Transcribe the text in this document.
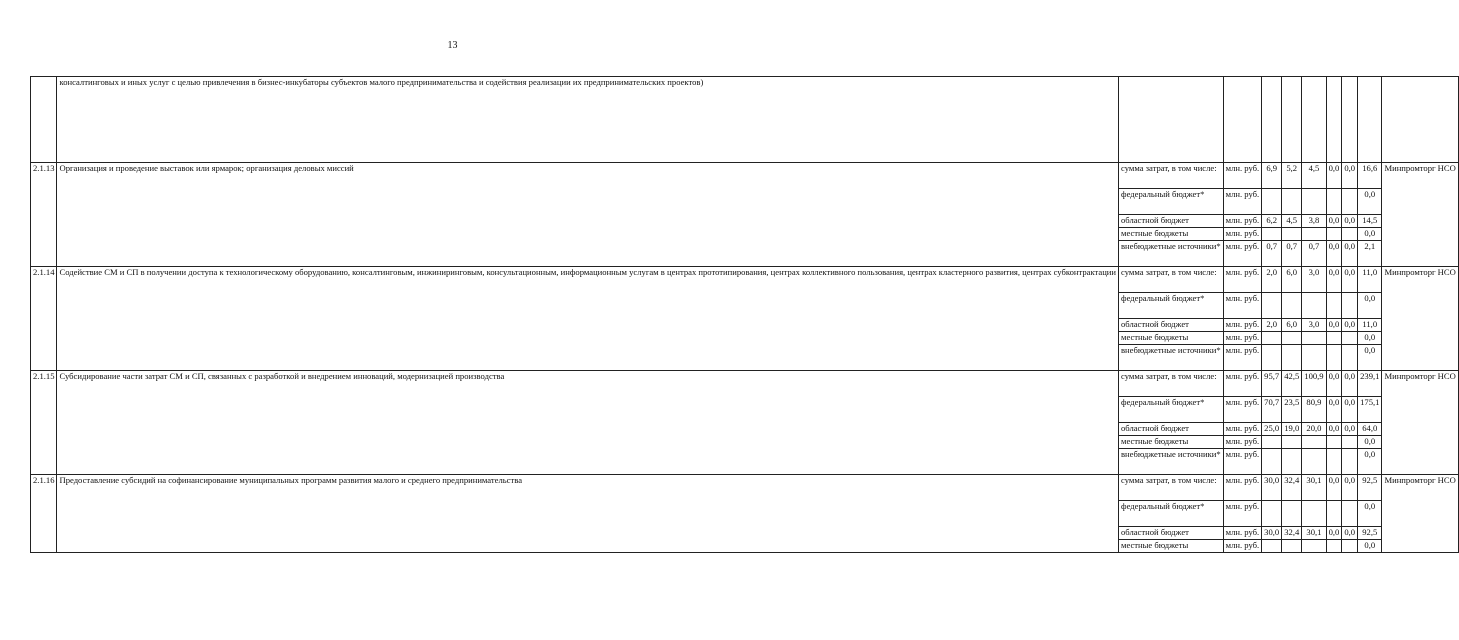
13
	консалтинговых и иных услуг с целью привлечения в бизнес-инкубаторы субъектов малого предпринимательства и содействия реализации их предпринимательских проектов)									
2.1.13	Организация и проведение выставок или ярмарок; организация деловых миссий	сумма затрат, в том числе:	млн. руб.	6,9	5,2	4,5	0,0	0,0	16,6	Минпромторг НСО
		федеральный бюджет*	млн. руб.						0,0	
		областной бюджет	млн. руб.	6,2	4,5	3,8	0,0	0,0	14,5	
		местные бюджеты	млн. руб.						0,0	
		внебюджетные источники*	млн. руб.	0,7	0,7	0,7	0,0	0,0	2,1	
2.1.14	Содействие СМ и СП в получении доступа к технологическому оборудованию, консалтинговым, инжиниринговым, консультационным, информационным услугам в центрах прототипирования, центрах коллективного пользования, центрах кластерного развития, центрах субконтрактации	сумма затрат, в том числе:	млн. руб.	2,0	6,0	3,0	0,0	0,0	11,0	Минпромторг НСО
		федеральный бюджет*	млн. руб.						0,0	
		областной бюджет	млн. руб.	2,0	6,0	3,0	0,0	0,0	11,0	
		местные бюджеты	млн. руб.						0,0	
		внебюджетные источники*	млн. руб.						0,0	
2.1.15	Субсидирование части затрат СМ и СП, связанных с разработкой и внедрением инноваций, модернизацией производства	сумма затрат, в том числе:	млн. руб.	95,7	42,5	100,9	0,0	0,0	239,1	Минпромторг НСО
		федеральный бюджет*	млн. руб.	70,7	23,5	80,9	0,0	0,0	175,1	
		областной бюджет	млн. руб.	25,0	19,0	20,0	0,0	0,0	64,0	
		местные бюджеты	млн. руб.						0,0	
		внебюджетные источники*	млн. руб.						0,0	
2.1.16	Предоставление субсидий на софинансирование муниципальных программ развития малого и среднего предпринимательства	сумма затрат, в том числе:	млн. руб.	30,0	32,4	30,1	0,0	0,0	92,5	Минпромторг НСО
		федеральный бюджет*	млн. руб.						0,0	
		областной бюджет	млн. руб.	30,0	32,4	30,1	0,0	0,0	92,5	
		местные бюджеты	млн. руб.						0,0	
